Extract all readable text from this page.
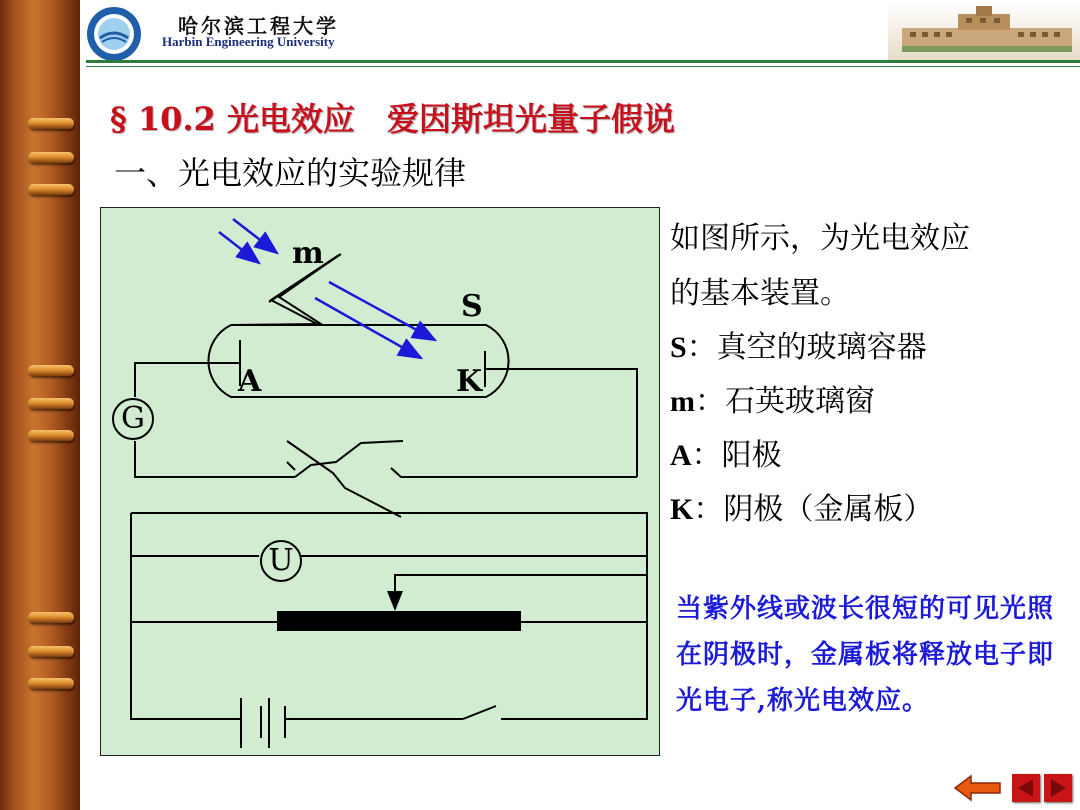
哈尔滨工程大学
Harbin Engineering University
§ 10.2 光电效应　爱因斯坦光量子假说
一、光电效应的实验规律
m
S
A	K
G
U
如图所示，为光电效应
的基本装置。
S：真空的玻璃容器
m：石英玻璃窗
A：阳极
K：阴极（金属板）
当紫外线或波长很短的可见光照在阴极时，金属板将释放电子即光电子,称光电效应。
